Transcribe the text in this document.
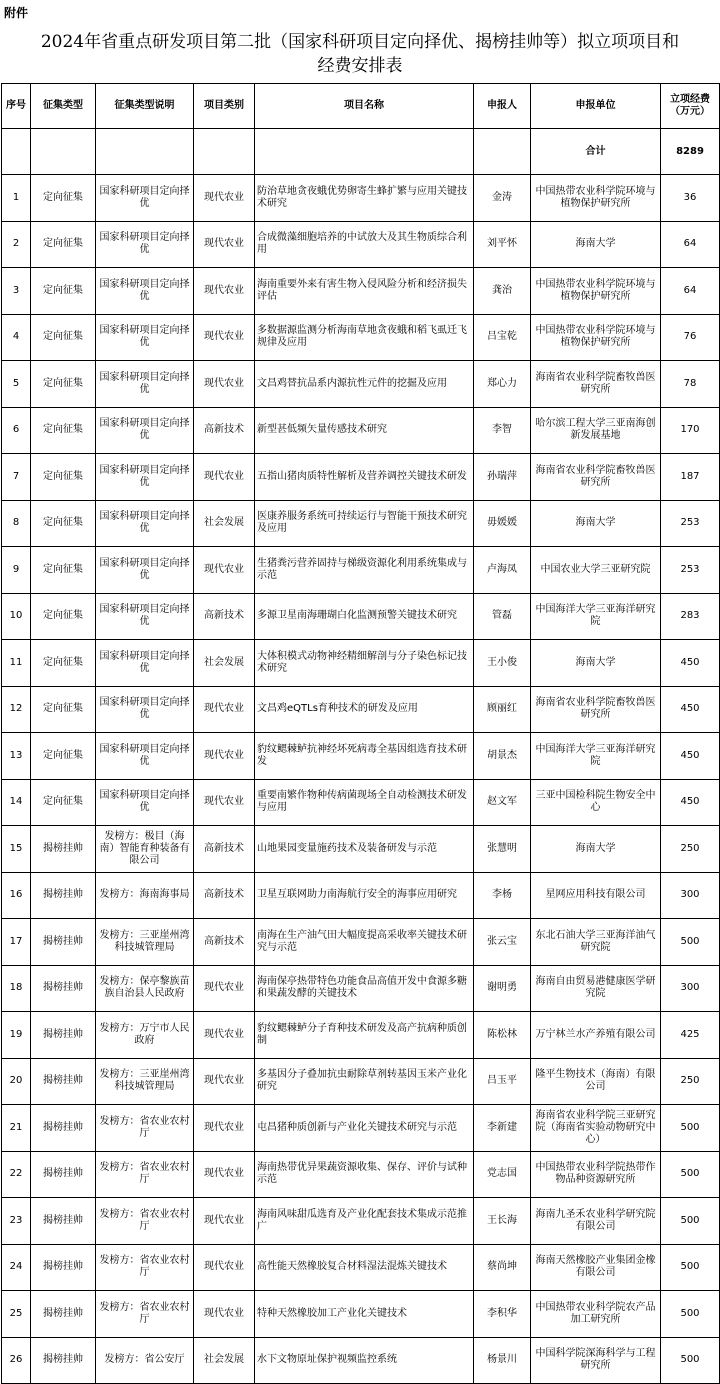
附件
2024年省重点研发项目第二批（国家科研项目定向择优、揭榜挂帅等）拟立项项目和
经费安排表
序号	征集类型	征集类型说明	项目类别	项目名称	申报人	申报单位	立项经费（万元）
						合计	8289
1	定向征集	国家科研项目定向择优	现代农业	防治草地贪夜蛾优势卵寄生蜂扩繁与应用关键技术研究	金涛	中国热带农业科学院环境与植物保护研究所	36
2	定向征集	国家科研项目定向择优	现代农业	合成微藻细胞培养的中试放大及其生物质综合利用	刘平怀	海南大学	64
3	定向征集	国家科研项目定向择优	现代农业	海南重要外来有害生物入侵风险分析和经济损失评估	龚治	中国热带农业科学院环境与植物保护研究所	64
4	定向征集	国家科研项目定向择优	现代农业	多数据源监测分析海南草地贪夜蛾和稻飞虱迁飞规律及应用	吕宝乾	中国热带农业科学院环境与植物保护研究所	76
5	定向征集	国家科研项目定向择优	现代农业	文昌鸡替抗品系内源抗性元件的挖掘及应用	郑心力	海南省农业科学院畜牧兽医研究所	78
6	定向征集	国家科研项目定向择优	高新技术	新型甚低频矢量传感技术研究	李智	哈尔滨工程大学三亚南海创新发展基地	170
7	定向征集	国家科研项目定向择优	现代农业	五指山猪肉质特性解析及营养调控关键技术研发	孙瑞萍	海南省农业科学院畜牧兽医研究所	187
8	定向征集	国家科研项目定向择优	社会发展	医康养服务系统可持续运行与智能干预技术研究及应用	毋媛媛	海南大学	253
9	定向征集	国家科研项目定向择优	现代农业	生猪粪污营养固持与梯级资源化利用系统集成与示范	卢海凤	中国农业大学三亚研究院	253
10	定向征集	国家科研项目定向择优	高新技术	多源卫星南海珊瑚白化监测预警关键技术研究	管磊	中国海洋大学三亚海洋研究院	283
11	定向征集	国家科研项目定向择优	社会发展	大体积模式动物神经精细解剖与分子染色标记技术研究	王小俊	海南大学	450
12	定向征集	国家科研项目定向择优	现代农业	文昌鸡eQTLs育种技术的研发及应用	顾丽红	海南省农业科学院畜牧兽医研究所	450
13	定向征集	国家科研项目定向择优	现代农业	豹纹鳃棘鲈抗神经坏死病毒全基因组选育技术研发	胡景杰	中国海洋大学三亚海洋研究院	450
14	定向征集	国家科研项目定向择优	现代农业	重要南繁作物种传病菌现场全自动检测技术研发与应用	赵文军	三亚中国检科院生物安全中心	450
15	揭榜挂帅	发榜方：极目（海南）智能育种装备有限公司	高新技术	山地果园变量施药技术及装备研发与示范	张慧明	海南大学	250
16	揭榜挂帅	发榜方：海南海事局	高新技术	卫星互联网助力南海航行安全的海事应用研究	李杨	星网应用科技有限公司	300
17	揭榜挂帅	发榜方：三亚崖州湾科技城管理局	高新技术	南海在生产油气田大幅度提高采收率关键技术研究与示范	张云宝	东北石油大学三亚海洋油气研究院	500
18	揭榜挂帅	发榜方：保亭黎族苗族自治县人民政府	现代农业	海南保亭热带特色功能食品高值开发中食源多糖和果蔬发酵的关键技术	谢明勇	海南自由贸易港健康医学研究院	300
19	揭榜挂帅	发榜方：万宁市人民政府	现代农业	豹纹鳃棘鲈分子育种技术研发及高产抗病种质创制	陈松林	万宁林兰水产养殖有限公司	425
20	揭榜挂帅	发榜方：三亚崖州湾科技城管理局	现代农业	多基因分子叠加抗虫耐除草剂转基因玉米产业化研究	吕玉平	隆平生物技术（海南）有限公司	250
21	揭榜挂帅	发榜方：省农业农村厅	现代农业	屯昌猪种质创新与产业化关键技术研究与示范	李新建	海南省农业科学院三亚研究院（海南省实验动物研究中心）	500
22	揭榜挂帅	发榜方：省农业农村厅	现代农业	海南热带优异果蔬资源收集、保存、评价与试种示范	党志国	中国热带农业科学院热带作物品种资源研究所	500
23	揭榜挂帅	发榜方：省农业农村厅	现代农业	海南风味甜瓜选育及产业化配套技术集成示范推广	王长海	海南九圣禾农业科学研究院有限公司	500
24	揭榜挂帅	发榜方：省农业农村厅	现代农业	高性能天然橡胶复合材料湿法混炼关键技术	蔡尚坤	海南天然橡胶产业集团金橡有限公司	500
25	揭榜挂帅	发榜方：省农业农村厅	现代农业	特种天然橡胶加工产业化关键技术	李积华	中国热带农业科学院农产品加工研究所	500
26	揭榜挂帅	发榜方：省公安厅	社会发展	水下文物原址保护视频监控系统	杨景川	中国科学院深海科学与工程研究所	500
